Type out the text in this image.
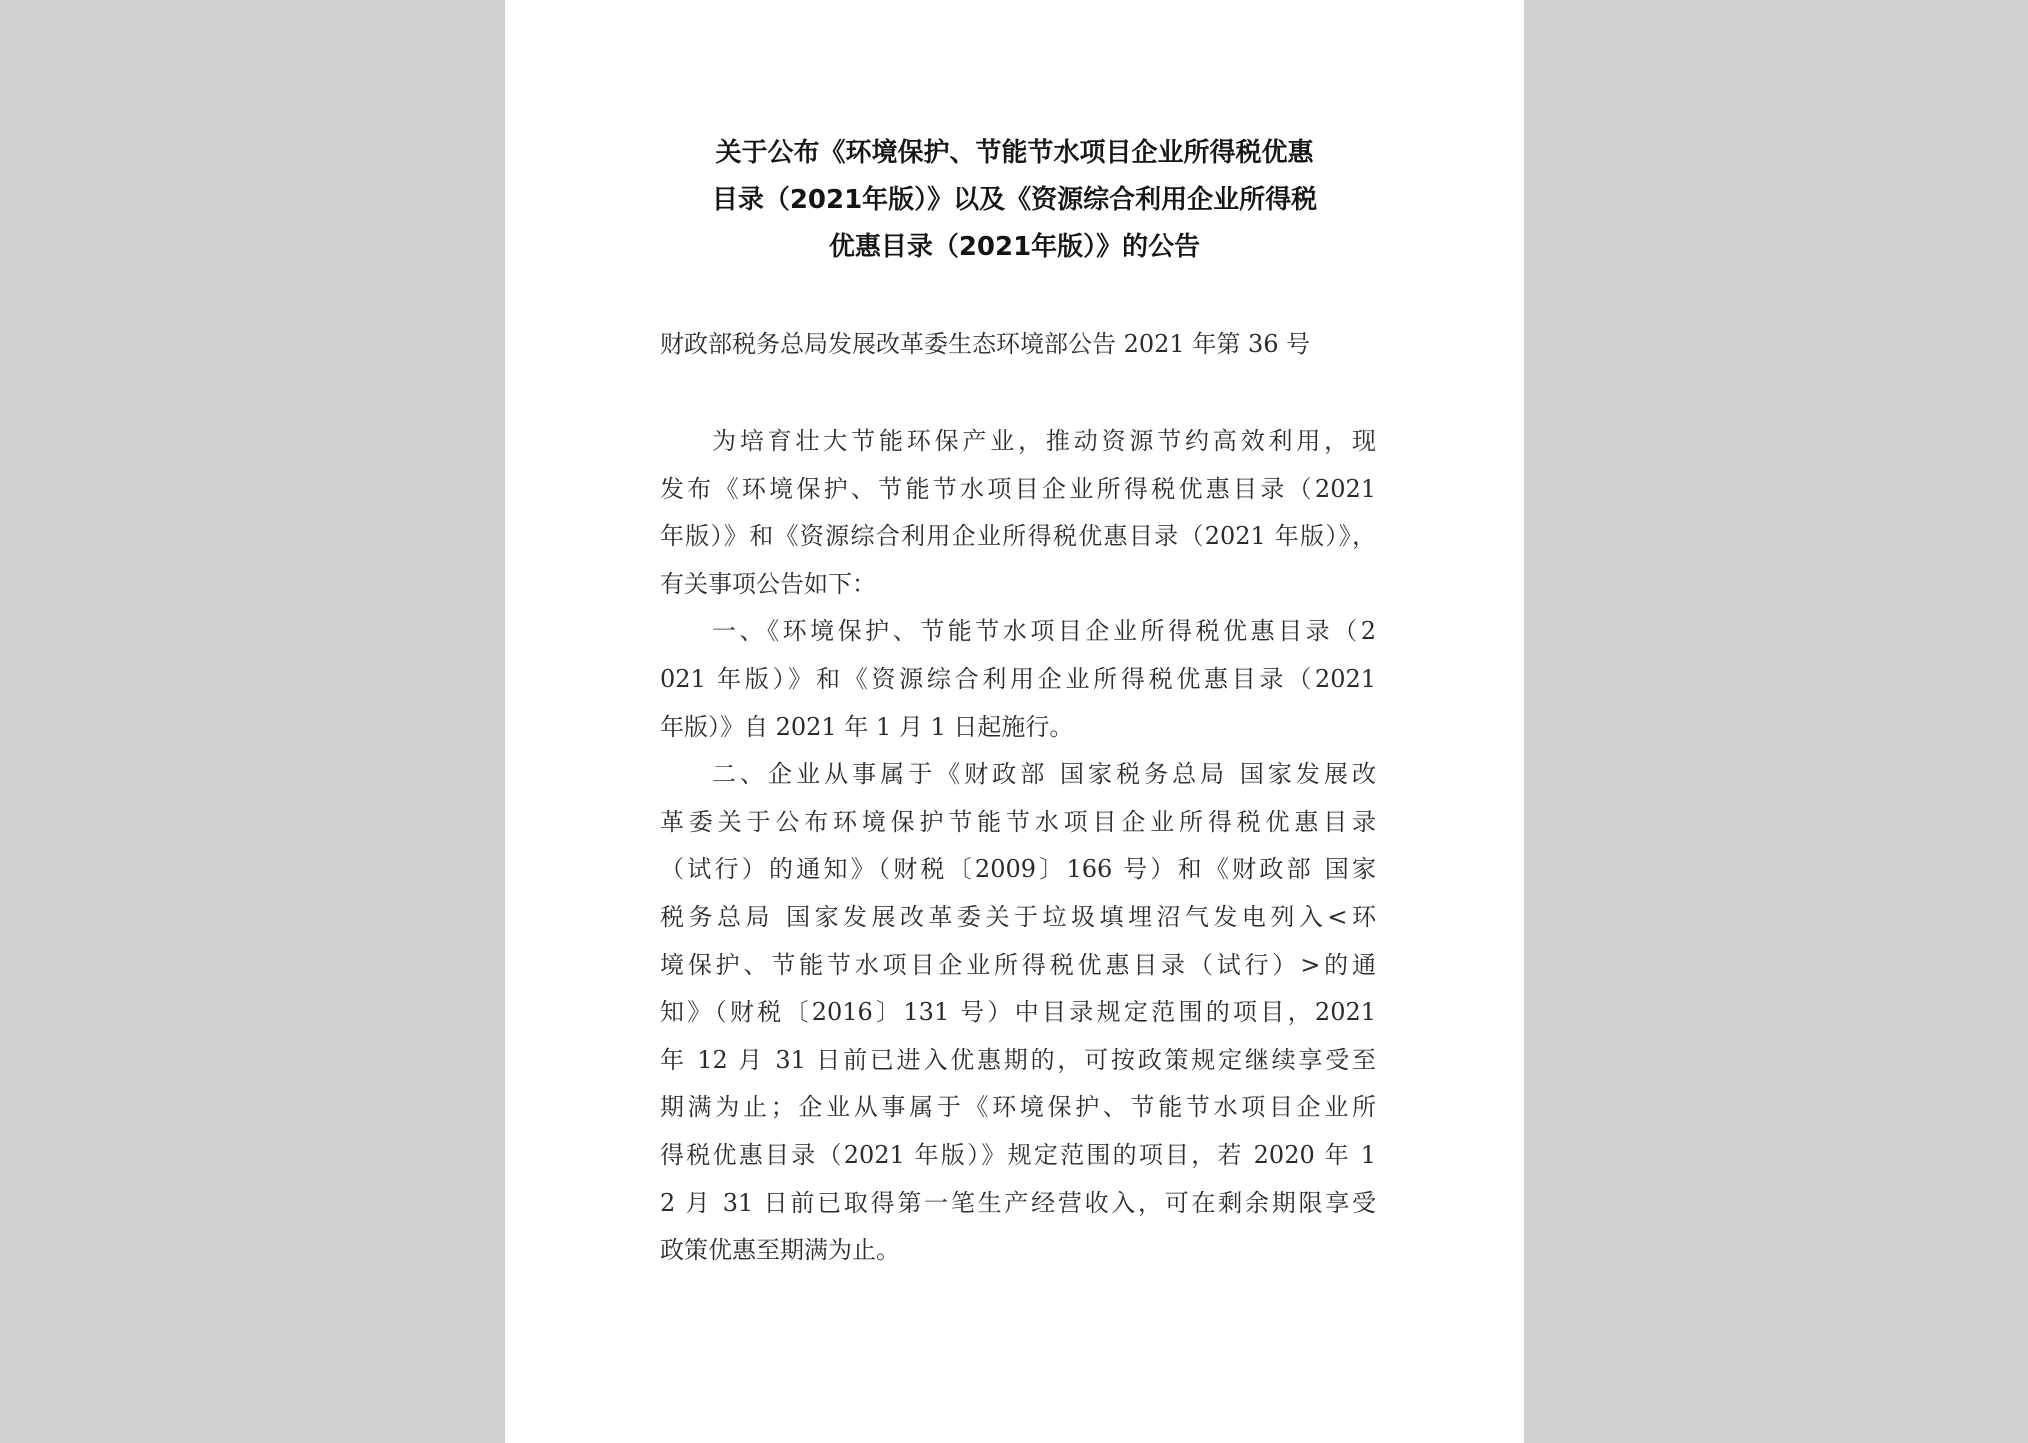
关于公布《环境保护、节能节水项目企业所得税优惠
目录（2021年版）》以及《资源综合利用企业所得税
优惠目录（2021年版）》的公告
财政部税务总局发展改革委生态环境部公告 2021 年第 36 号
为培育壮大节能环保产业，推动资源节约高效利用，现
发布《环境保护、节能节水项目企业所得税优惠目录（2021
年版）》和《资源综合利用企业所得税优惠目录（2021 年版）》，
有关事项公告如下：
一、《环境保护、节能节水项目企业所得税优惠目录（2
021 年版）》和《资源综合利用企业所得税优惠目录（2021
年版）》自 2021 年 1 月 1 日起施行。
二、企业从事属于《财政部 国家税务总局 国家发展改
革委关于公布环境保护节能节水项目企业所得税优惠目录
（试行）的通知》（财税〔2009〕166 号）和《财政部 国家
税务总局 国家发展改革委关于垃圾填埋沼气发电列入<环
境保护、节能节水项目企业所得税优惠目录（试行）>的通
知》（财税〔2016〕131 号）中目录规定范围的项目，2021
年 12 月 31 日前已进入优惠期的，可按政策规定继续享受至
期满为止；企业从事属于《环境保护、节能节水项目企业所
得税优惠目录（2021 年版）》规定范围的项目，若 2020 年 1
2 月 31 日前已取得第一笔生产经营收入，可在剩余期限享受
政策优惠至期满为止。
